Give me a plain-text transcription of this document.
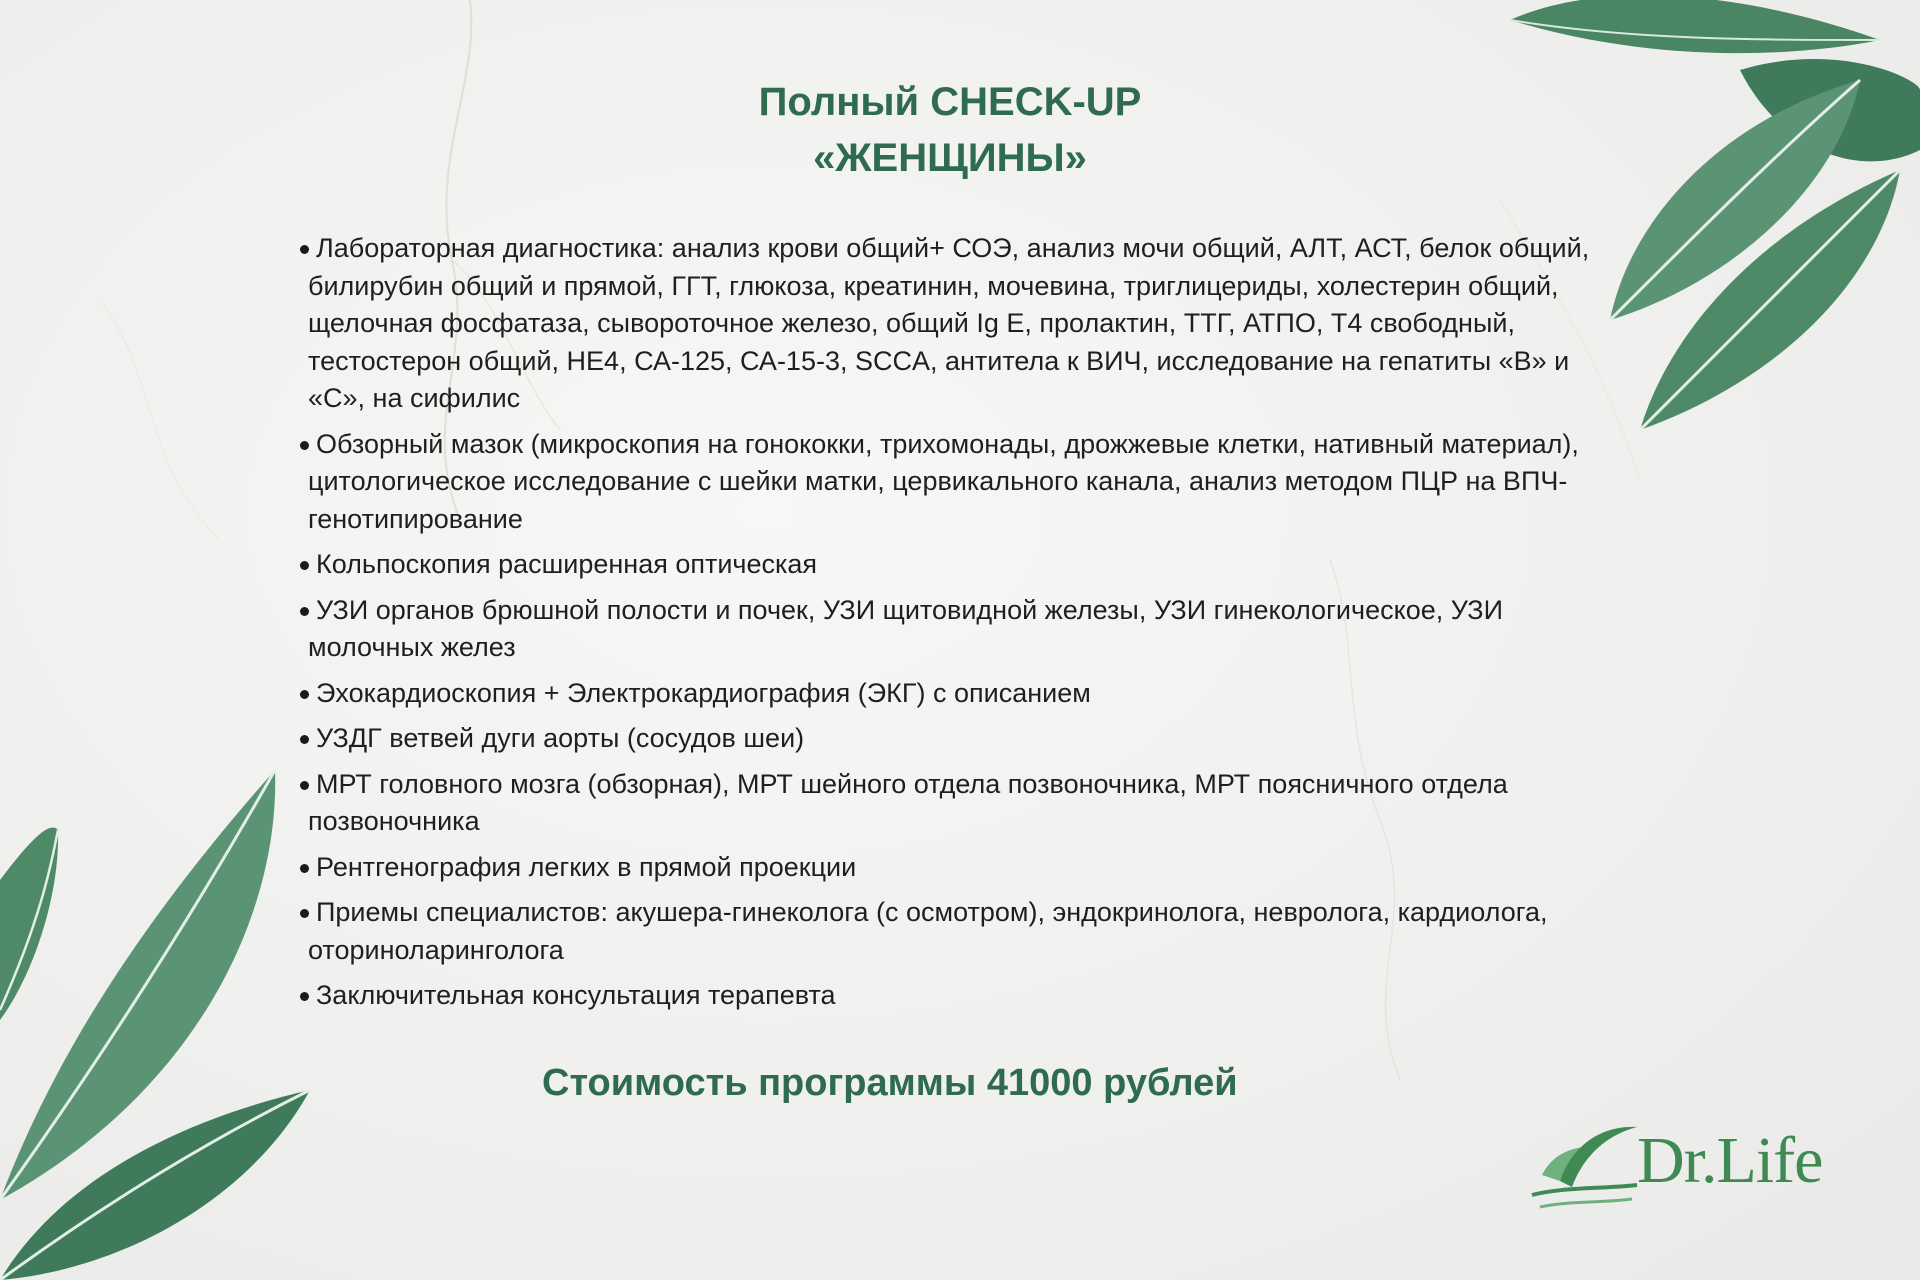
Полный CHECK-UP
«ЖЕНЩИНЫ»
Лабораторная диагностика: анализ крови общий+ СОЭ, анализ мочи общий, АЛТ, АСТ, белок общий, билирубин общий и прямой, ГГТ, глюкоза, креатинин, мочевина, триглицериды, холестерин общий, щелочная фосфатаза, сывороточное железо, общий Ig E, пролактин, ТТГ, АТПО, Т4 свободный, тестостерон общий, НЕ4, СА-125, СА-15-3, SCCA, антитела к ВИЧ, исследование на гепатиты «В» и «С», на сифилис
Обзорный мазок (микроскопия на гонококки, трихомонады, дрожжевые клетки, нативный материал), цитологическое исследование с шейки матки, цервикального канала, анализ методом ПЦР на ВПЧ-генотипирование
Кольпоскопия расширенная оптическая
УЗИ органов брюшной полости и почек, УЗИ щитовидной железы, УЗИ гинекологическое, УЗИ молочных желез
Эхокардиоскопия + Электрокардиография (ЭКГ) с описанием
УЗДГ ветвей дуги аорты (сосудов шеи)
МРТ головного мозга (обзорная), МРТ шейного отдела позвоночника, МРТ поясничного отдела позвоночника
Рентгенография легких в прямой проекции
Приемы специалистов: акушера-гинеколога (с осмотром), эндокринолога, невролога, кардиолога, оториноларинголога
Заключительная консультация терапевта
Стоимость программы 41000 рублей
Dr.Life
